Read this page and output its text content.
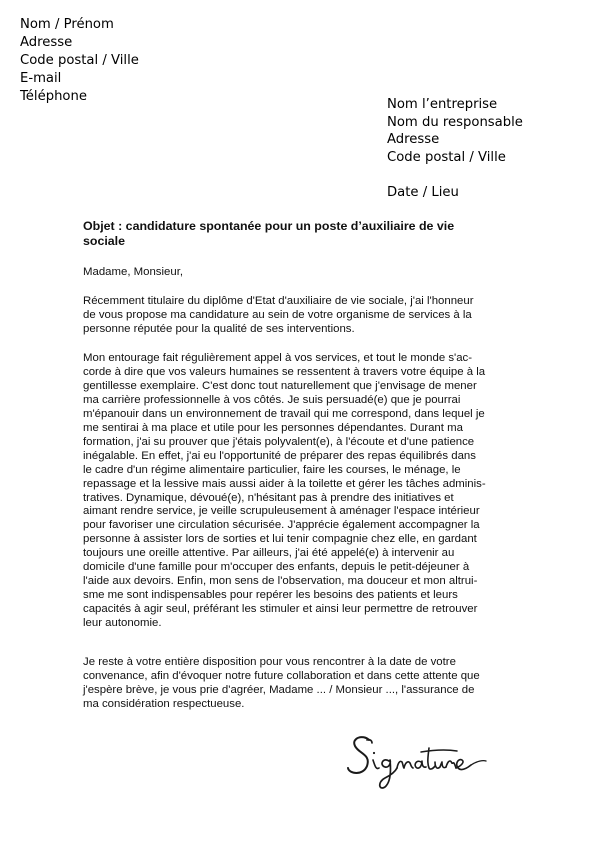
Nom / Prénom
Adresse
Code postal / Ville
E-mail
Téléphone
Nom l’entreprise
Nom du responsable
Adresse
Code postal / Ville
Date / Lieu
Objet : candidature spontanée pour un poste d’auxiliaire de vie
sociale
Madame, Monsieur,
Récemment titulaire du diplôme d'Etat d'auxiliaire de vie sociale, j'ai l'honneur
de vous propose ma candidature au sein de votre organisme de services à la
personne réputée pour la qualité de ses interventions.
Mon entourage fait régulièrement appel à vos services, et tout le monde s'ac-
corde à dire que vos valeurs humaines se ressentent à travers votre équipe à la
gentillesse exemplaire. C'est donc tout naturellement que j'envisage de mener
ma carrière professionnelle à vos côtés. Je suis persuadé(e) que je pourrai
m'épanouir dans un environnement de travail qui me correspond, dans lequel je
me sentirai à ma place et utile pour les personnes dépendantes. Durant ma
formation, j'ai su prouver que j'étais polyvalent(e), à l'écoute et d'une patience
inégalable. En effet, j'ai eu l'opportunité de préparer des repas équilibrés dans
le cadre d'un régime alimentaire particulier, faire les courses, le ménage, le
repassage et la lessive mais aussi aider à la toilette et gérer les tâches adminis-
tratives. Dynamique, dévoué(e), n'hésitant pas à prendre des initiatives et
aimant rendre service, je veille scrupuleusement à aménager l'espace intérieur
pour favoriser une circulation sécurisée. J'apprécie également accompagner la
personne à assister lors de sorties et lui tenir compagnie chez elle, en gardant
toujours une oreille attentive. Par ailleurs, j'ai été appelé(e) à intervenir au
domicile d'une famille pour m'occuper des enfants, depuis le petit-déjeuner à
l'aide aux devoirs. Enfin, mon sens de l'observation, ma douceur et mon altrui-
sme me sont indispensables pour repérer les besoins des patients et leurs
capacités à agir seul, préférant les stimuler et ainsi leur permettre de retrouver
leur autonomie.
Je reste à votre entière disposition pour vous rencontrer à la date de votre
convenance, afin d'évoquer notre future collaboration et dans cette attente que
j'espère brève, je vous prie d'agréer, Madame ... / Monsieur ..., l'assurance de
ma considération respectueuse.
